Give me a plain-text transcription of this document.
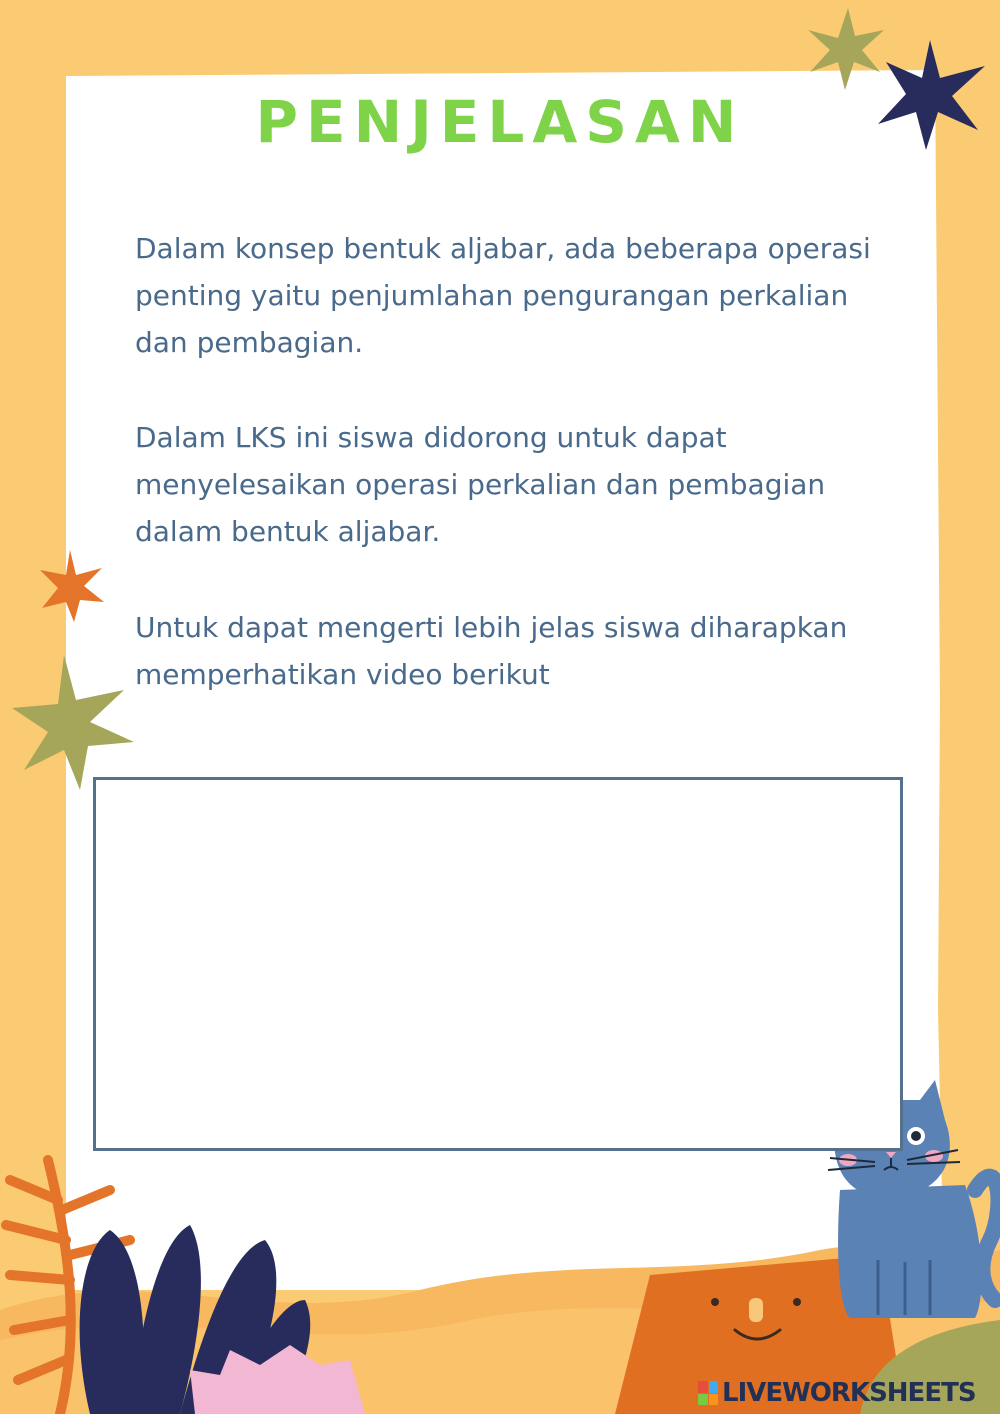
PENJELASAN

Dalam konsep bentuk aljabar, ada beberapa operasi penting yaitu penjumlahan pengurangan perkalian dan pembagian.

Dalam LKS ini siswa didorong untuk dapat menyelesaikan operasi perkalian dan pembagian dalam bentuk aljabar.

Untuk dapat mengerti lebih jelas siswa diharapkan memperhatikan video berikut

LIVEWORKSHEETS
